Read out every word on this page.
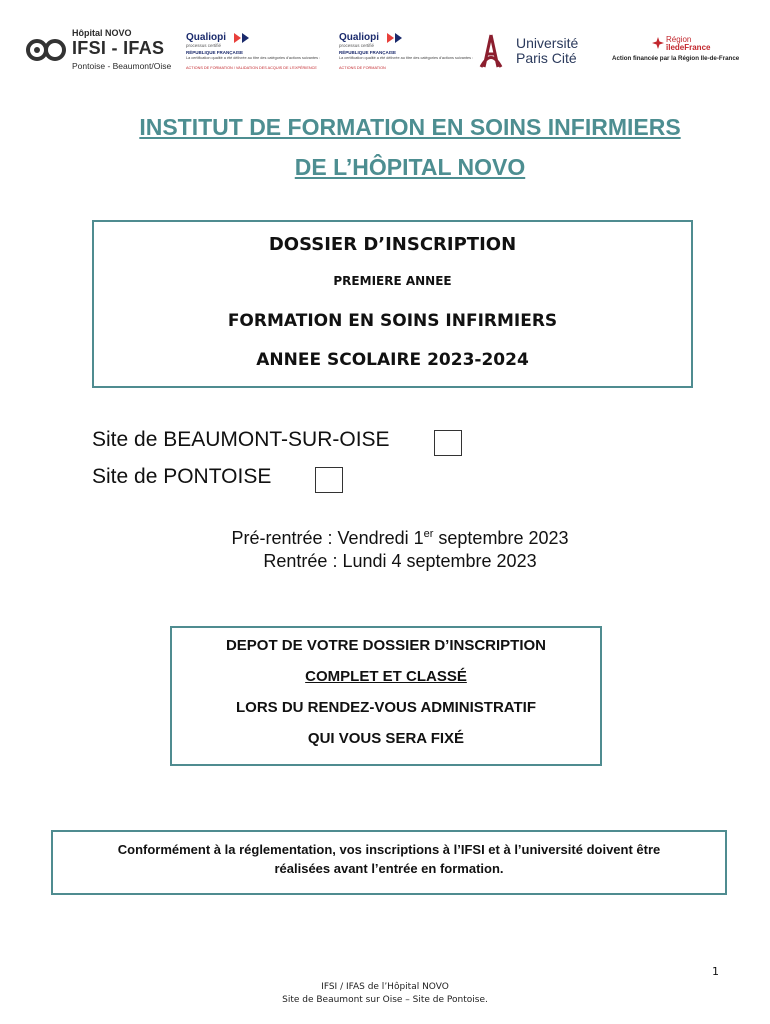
Hôpital NOVO
IFSI - IFAS
Pontoise - Beaumont/Oise
Qualiopi
processus certifié
RÉPUBLIQUE FRANÇAISE
La certification qualité a été délivrée au titre des catégories d'actions suivantes :
ACTIONS DE FORMATION / VALIDATION DES ACQUIS DE L'EXPÉRIENCE
Qualiopi
processus certifié
RÉPUBLIQUE FRANÇAISE
La certification qualité a été délivrée au titre des catégories d'actions suivantes :
ACTIONS DE FORMATION
Université
Paris Cité
Région
îledeFrance
Action financée par la Région Ile-de-France
INSTITUT DE FORMATION EN SOINS INFIRMIERS
DE L’HÔPITAL NOVO
DOSSIER D’INSCRIPTION
PREMIERE ANNEE
FORMATION EN SOINS INFIRMIERS
ANNEE SCOLAIRE 2023-2024
Site de BEAUMONT-SUR-OISE
Site de PONTOISE
Pré-rentrée : Vendredi 1er septembre 2023
Rentrée : Lundi 4 septembre 2023
DEPOT DE VOTRE DOSSIER D’INSCRIPTION
COMPLET ET CLASSÉ
LORS DU RENDEZ-VOUS ADMINISTRATIF
QUI VOUS SERA FIXÉ
Conformément à la réglementation, vos inscriptions à l’IFSI et à l’université doivent être
réalisées avant l’entrée en formation.
1
IFSI / IFAS de l’Hôpital NOVO
Site de Beaumont sur Oise – Site de Pontoise.
